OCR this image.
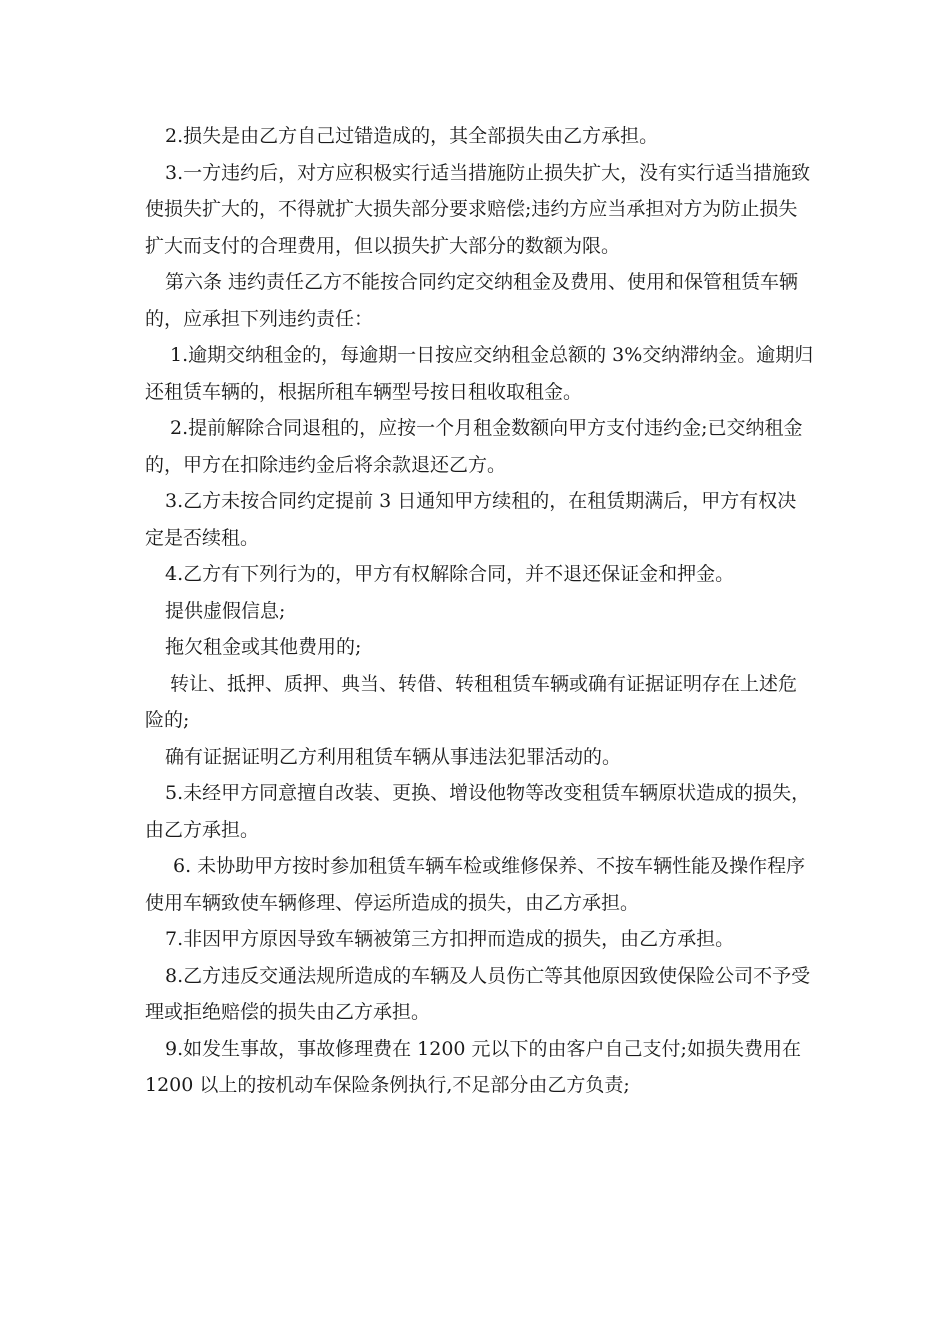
2.损失是由乙方自己过错造成的，其全部损失由乙方承担。

3.一方违约后，对方应积极实行适当措施防止损失扩大，没有实行适当措施致使损失扩大的，不得就扩大损失部分要求赔偿;违约方应当承担对方为防止损失扩大而支付的合理费用，但以损失扩大部分的数额为限。

第六条 违约责任乙方不能按合同约定交纳租金及费用、使用和保管租赁车辆的，应承担下列违约责任：

1.逾期交纳租金的，每逾期一日按应交纳租金总额的 3%交纳滞纳金。逾期归还租赁车辆的，根据所租车辆型号按日租收取租金。

2.提前解除合同退租的，应按一个月租金数额向甲方支付违约金;已交纳租金的，甲方在扣除违约金后将余款退还乙方。

3.乙方未按合同约定提前 3 日通知甲方续租的，在租赁期满后，甲方有权决定是否续租。

4.乙方有下列行为的，甲方有权解除合同，并不退还保证金和押金。

提供虚假信息;

拖欠租金或其他费用的;

转让、抵押、质押、典当、转借、转租租赁车辆或确有证据证明存在上述危险的;

确有证据证明乙方利用租赁车辆从事违法犯罪活动的。

5.未经甲方同意擅自改装、更换、增设他物等改变租赁车辆原状造成的损失，由乙方承担。

6. 未协助甲方按时参加租赁车辆车检或维修保养、不按车辆性能及操作程序使用车辆致使车辆修理、停运所造成的损失，由乙方承担。

7.非因甲方原因导致车辆被第三方扣押而造成的损失，由乙方承担。

8.乙方违反交通法规所造成的车辆及人员伤亡等其他原因致使保险公司不予受理或拒绝赔偿的损失由乙方承担。

9.如发生事故，事故修理费在 1200 元以下的由客户自己支付;如损失费用在 1200 以上的按机动车保险条例执行,不足部分由乙方负责;
